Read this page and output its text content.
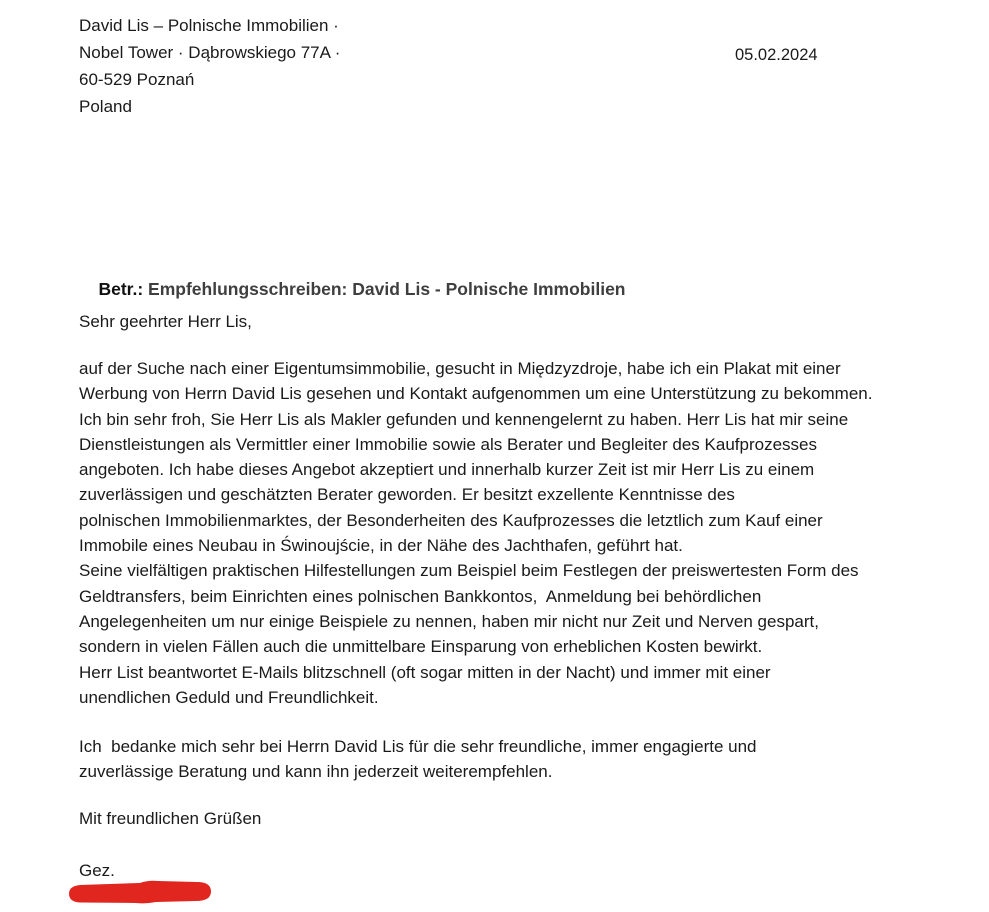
David Lis – Polnische Immobilien ·
Nobel Tower · Dąbrowskiego 77A ·
60-529 Poznań
Poland
05.02.2024

Betr.: Empfehlungsschreiben: David Lis - Polnische Immobilien

Sehr geehrter Herr Lis,
auf der Suche nach einer Eigentumsimmobilie, gesucht in Międzyzdroje, habe ich ein Plakat mit einer
Werbung von Herrn David Lis gesehen und Kontakt aufgenommen um eine Unterstützung zu bekommen.
Ich bin sehr froh, Sie Herr Lis als Makler gefunden und kennengelernt zu haben. Herr Lis hat mir seine
Dienstleistungen als Vermittler einer Immobilie sowie als Berater und Begleiter des Kaufprozesses
angeboten. Ich habe dieses Angebot akzeptiert und innerhalb kurzer Zeit ist mir Herr Lis zu einem
zuverlässigen und geschätzten Berater geworden. Er besitzt exzellente Kenntnisse des
polnischen Immobilienmarktes, der Besonderheiten des Kaufprozesses die letztlich zum Kauf einer
Immobile eines Neubau in Świnoujście, in der Nähe des Jachthafen, geführt hat.
Seine vielfältigen praktischen Hilfestellungen zum Beispiel beim Festlegen der preiswertesten Form des
Geldtransfers, beim Einrichten eines polnischen Bankkontos,  Anmeldung bei behördlichen
Angelegenheiten um nur einige Beispiele zu nennen, haben mir nicht nur Zeit und Nerven gespart,
sondern in vielen Fällen auch die unmittelbare Einsparung von erheblichen Kosten bewirkt.
Herr List beantwortet E-Mails blitzschnell (oft sogar mitten in der Nacht) und immer mit einer
unendlichen Geduld und Freundlichkeit.
Ich  bedanke mich sehr bei Herrn David Lis für die sehr freundliche, immer engagierte und
zuverlässige Beratung und kann ihn jederzeit weiterempfehlen.
Mit freundlichen Grüßen
Gez.
